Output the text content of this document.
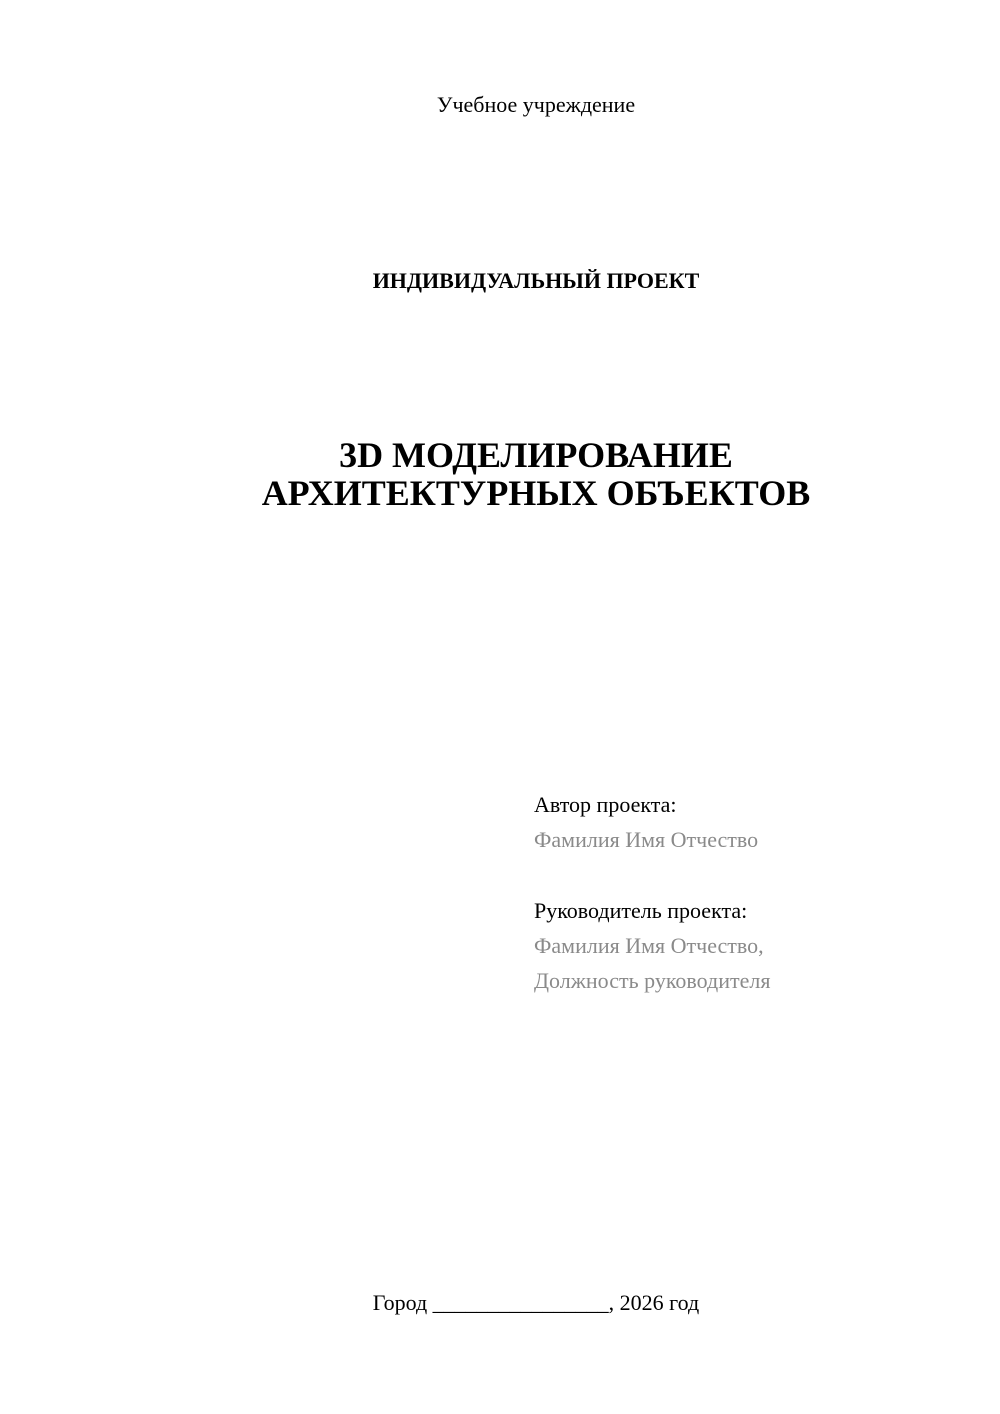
Учебное учреждение
ИНДИВИДУАЛЬНЫЙ ПРОЕКТ
3D МОДЕЛИРОВАНИЕ
АРХИТЕКТУРНЫХ ОБЪЕКТОВ
Автор проекта:
Фамилия Имя Отчество
Руководитель проекта:
Фамилия Имя Отчество,
Должность руководителя
Город ________________, 2026 год
